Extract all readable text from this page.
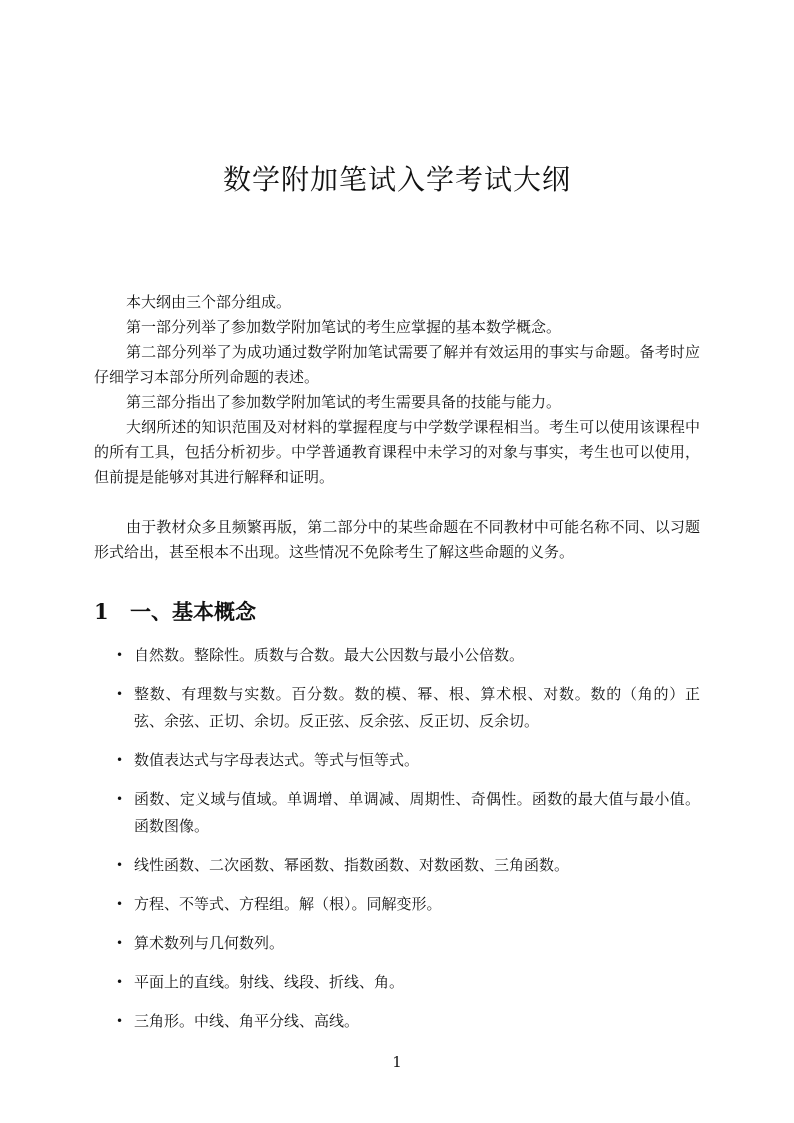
数学附加笔试入学考试大纲

本大纲由三个部分组成。

第一部分列举了参加数学附加笔试的考生应掌握的基本数学概念。

第二部分列举了为成功通过数学附加笔试需要了解并有效运用的事实与命题。备考时应仔细学习本部分所列命题的表述。

第三部分指出了参加数学附加笔试的考生需要具备的技能与能力。

大纲所述的知识范围及对材料的掌握程度与中学数学课程相当。考生可以使用该课程中的所有工具，包括分析初步。中学普通教育课程中未学习的对象与事实，考生也可以使用，但前提是能够对其进行解释和证明。

由于教材众多且频繁再版，第二部分中的某些命题在不同教材中可能名称不同、以习题形式给出，甚至根本不出现。这些情况不免除考生了解这些命题的义务。

1 一、基本概念
• 自然数。整除性。质数与合数。最大公因数与最小公倍数。
• 整数、有理数与实数。百分数。数的模、幂、根、算术根、对数。数的（角的）正弦、余弦、正切、余切。反正弦、反余弦、反正切、反余切。
• 数值表达式与字母表达式。等式与恒等式。
• 函数、定义域与值域。单调增、单调减、周期性、奇偶性。函数的最大值与最小值。函数图像。
• 线性函数、二次函数、幂函数、指数函数、对数函数、三角函数。
• 方程、不等式、方程组。解（根）。同解变形。
• 算术数列与几何数列。
• 平面上的直线。射线、线段、折线、角。
• 三角形。中线、角平分线、高线。
1
